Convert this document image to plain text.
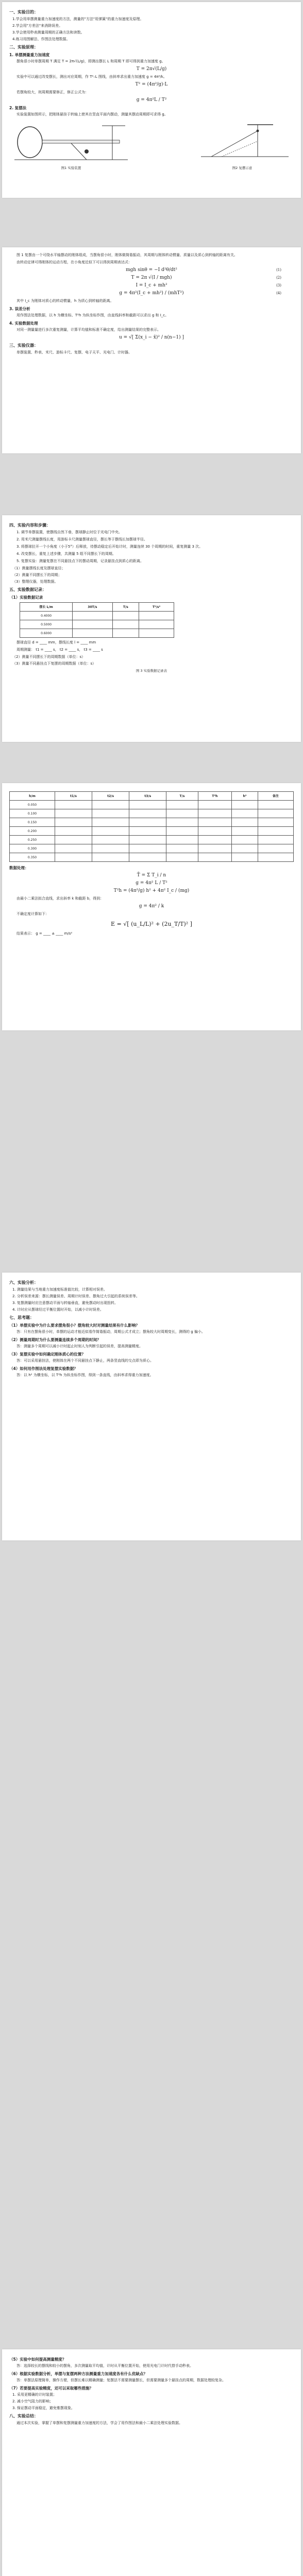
一、实验目的：
1.学会用单摆测量重力加速度的方法，测量的"方法"用弹簧"的重力加速度及原理。
2.学会用"方差法"来消除误差。
3.学会使用秒表测量周期的正确方法和读数。
4.练习用图解法、作图法处理数据。
二、实验原理：
1. 单摆测量重力加速度
摆角很小时单摆周期 T 满足 T = 2π√(L/g)，即测出摆长 L 和周期 T 即可得到重力加速度 g。
T = 2π√(L/g)
实验中可以通过改变摆长，测出对应周期，作 T²–L 图线，由斜率求出重力加速度 g = 4π²/k。
T² = (4π²/g)·L
若摆角较大，则周期需要修正，修正公式为：
g = 4π²L / T²
2. 复摆法
实验装置如图所示，把刚体悬挂于转轴上使其在竖直平面内摆动，测量其摆动周期即可求得 g。
图1 实验装置	图2 复摆示意
图 1 复摆由一个可绕水平轴摆动的刚体组成，当摆角很小时，刚体做简谐振动，其周期与刚体转动惯量、质量以及质心到转轴的距离有关。
由转动定律可得刚体的运动方程，在小角度近似下可以得到周期表达式：
mgh sinθ = −I d²θ/dt²	(1)
T = 2π √(I / mgh)	(2)
I = I_c + mh²	(3)
g = 4π²(I_c + mh²) / (mhT²)	(4)
其中 I_c 为刚体对质心的转动惯量，h 为质心到转轴的距离。
3. 误差分析
用作图法处理数据，以 h 为横坐标、T²h 为纵坐标作图，由直线斜率和截距可以求出 g 和 I_c。
4. 实验数据处理
对同一测量量进行多次重复测量，计算平均值和标准不确定度，给出测量结果的完整表示。
u = √[ Σ(x_i − x̄)² / n(n−1) ]
三、实验仪器：
单摆装置、秒表、米尺、游标卡尺、复摆、电子天平、光电门、计时器。
四、实验内容和步骤：
1. 调节单摆装置，使摆线自然下垂，摆球静止时位于光电门中央。
2. 用米尺测量摆线长度，用游标卡尺测量摆球直径，摆长等于摆线长加摆球半径。
3. 将摆球拉开一个小角度（小于5°）后释放，待摆动稳定后开始计时，测量连续 30 个周期的时间，重复测量 3 次。
4. 改变摆长，重复上述步骤，共测量 5 组不同摆长下的周期。
5. 复摆实验：测量复摆在不同悬挂点下的摆动周期，记录悬挂点到质心的距离。
（1）测量摆线长度及摆球直径；
（2）测量不同摆长下的周期；
（3）整理仪器，处理数据。
五、实验数据记录：
（1）实验数据记录
摆长 L/m	30T/s	T/s	T²/s²
0.4000			
0.5000			
0.6000			
摆球直径 d = ____ mm，摆线长度 l = ____ mm
周期测量： t1 = ____ s， t2 = ____ s， t3 = ____ s
（2）测量不同摆长下的周期数据（单位：s）
（3）测量不同悬挂点下复摆的周期数据（单位：s）
图 3 实验数据记录表
h/m	t1/s	t2/s	t3/s	T/s	T²h	h²	备注
0.050							
0.100							
0.150							
0.200							
0.250							
0.300							
0.350							
数据处理：
T̄ = Σ T_i / n
g = 4π² L / T²
T²h = (4π²/g) h² + 4π² I_c / (mg)
由最小二乘法拟合直线，求出斜率 k 和截距 b，得到：
g = 4π² / k
不确定度计算如下：
E = √[ (u_L/L)² + (2u_T/T)² ]
结果表示： g = ____ ± ____ m/s²
六、实验分析：
1. 测量结果与当地重力加速度标准值比较，计算相对误差。
2. 分析误差来源：摆长测量误差、周期计时误差、摆角过大引起的系统误差等。
3. 复摆测量时应注意摆动平面与转轴垂直，避免摆动时出现扭转。
4. 计时应从摆球经过平衡位置时开始，以减小计时误差。
七、思考题：
（1）单摆实验中为什么要求摆角很小？摆角较大时对测量结果有什么影响？
答：只有在摆角很小时，单摆的运动才能近似看作简谐振动，周期公式才成立；摆角较大时周期变长，测得的 g 偏小。
（2）测量周期时为什么要测量连续多个周期的时间？
答：测量多个周期可以减小计时起止时刻人为判断引起的误差，提高测量精度。
（3）复摆实验中如何确定刚体质心的位置？
答：可以采用悬挂法，使刚体在两个不同悬挂点下静止，两条竖直线的交点即为质心。
（4）如何用作图法处理复摆实验数据？
答：以 h² 为横坐标，以 T²h 为纵坐标作图，得到一条直线，由斜率求得重力加速度。
（5）实验中如何提高测量精度？
答：选择较长的摆线和较小的摆角，多次测量取平均值，计时从平衡位置开始，使用光电门计时代替手动秒表。
（6）根据实验数据分析，单摆与复摆两种方法测量重力加速度各有什么优缺点？
答：单摆法原理简单，操作方便，但摆长难以精确测量；复摆法不需要测量摆长，但需要测量多个悬挂点的周期，数据处理较复杂。
（7）若要提高实验精度，还可以采取哪些措施？
1. 采用更精确的计时装置；
2. 减小空气阻力的影响；
3. 保证摆动平面稳定，避免锥摆现象。
八、实验总结：
通过本次实验，掌握了单摆和复摆测量重力加速度的方法，学会了用作图法和最小二乘法处理实验数据。
